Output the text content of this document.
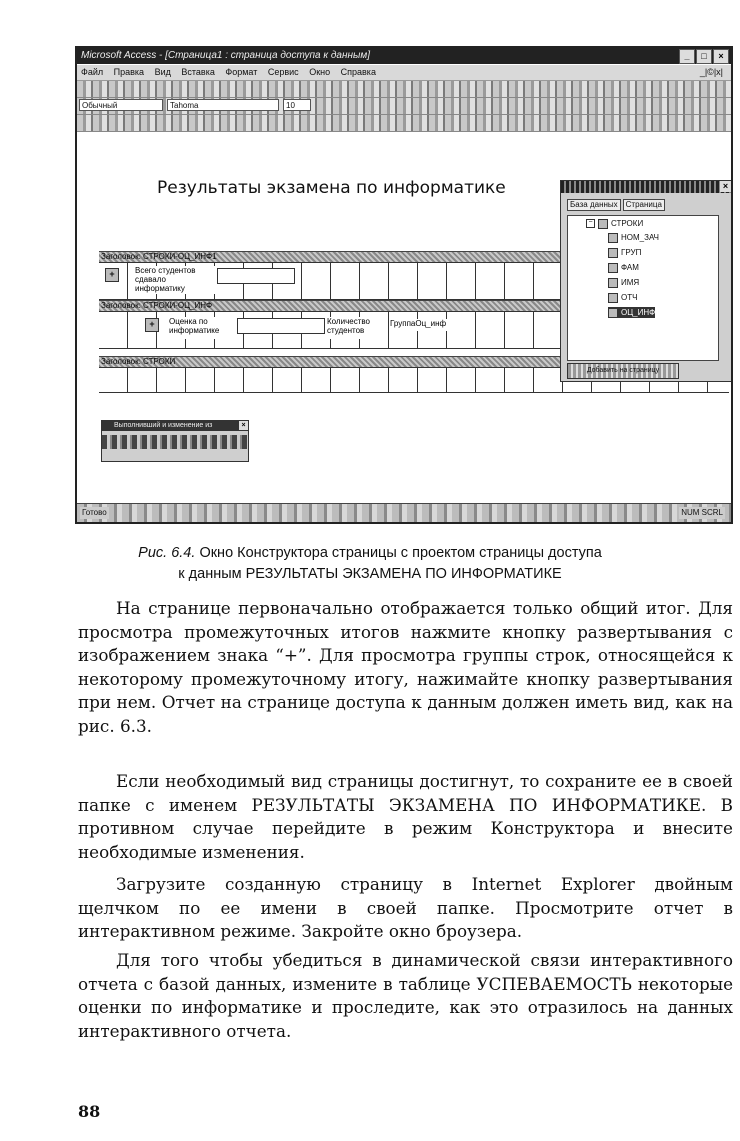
Microsoft Access - [Страница1 : страница доступа к данным]	_	□	×
Файл Правка Вид Вставка Формат Сервис Окно Справка	_|©|x|
Обычный	Tahoma	10
Результаты экзамена по информатике
Заголовок: СТРОКИ-ОЦ_ИНФ1
+	Всего студентов сдавало информатику
Заголовок: СТРОКИ-ОЦ_ИНФ
+	Оценка по информатике
Количество студентов
ГруппаОц_инф
Заголовок: СТРОКИ
Выполнивший и изменение из	×
×
База данных	Страница
−	СТРОКИ
НОМ_ЗАЧ
ГРУП
ФАМ
ИМЯ
ОТЧ
ОЦ_ИНФ
Добавить на страницу
Готово	NUM SCRL
Рис. 6.4. Окно Конструктора страницы с проектом страницы доступа
к данным РЕЗУЛЬТАТЫ ЭКЗАМЕНА ПО ИНФОРМАТИКЕ

На странице первоначально отображается только общий итог. Для просмотра промежуточных итогов нажмите кнопку развертывания с изображением знака “+”. Для просмотра группы строк, относящейся к некоторому промежуточному итогу, нажимайте кнопку развертывания при нем. Отчет на странице доступа к данным должен иметь вид, как на рис. 6.3.

Если необходимый вид страницы достигнут, то сохраните ее в своей папке с именем РЕЗУЛЬТАТЫ ЭКЗАМЕНА ПО ИНФОРМАТИКЕ. В противном случае перейдите в режим Конструктора и внесите необходимые изменения.

Загрузите созданную страницу в Internet Explorer двойным щелчком по ее имени в своей папке. Просмотрите отчет в интерактивном режиме. Закройте окно броузера.

Для того чтобы убедиться в динамической связи интерактивного отчета с базой данных, измените в таблице УСПЕВАЕМОСТЬ некоторые оценки по информатике и проследите, как это отразилось на данных интерактивного отчета.

88
